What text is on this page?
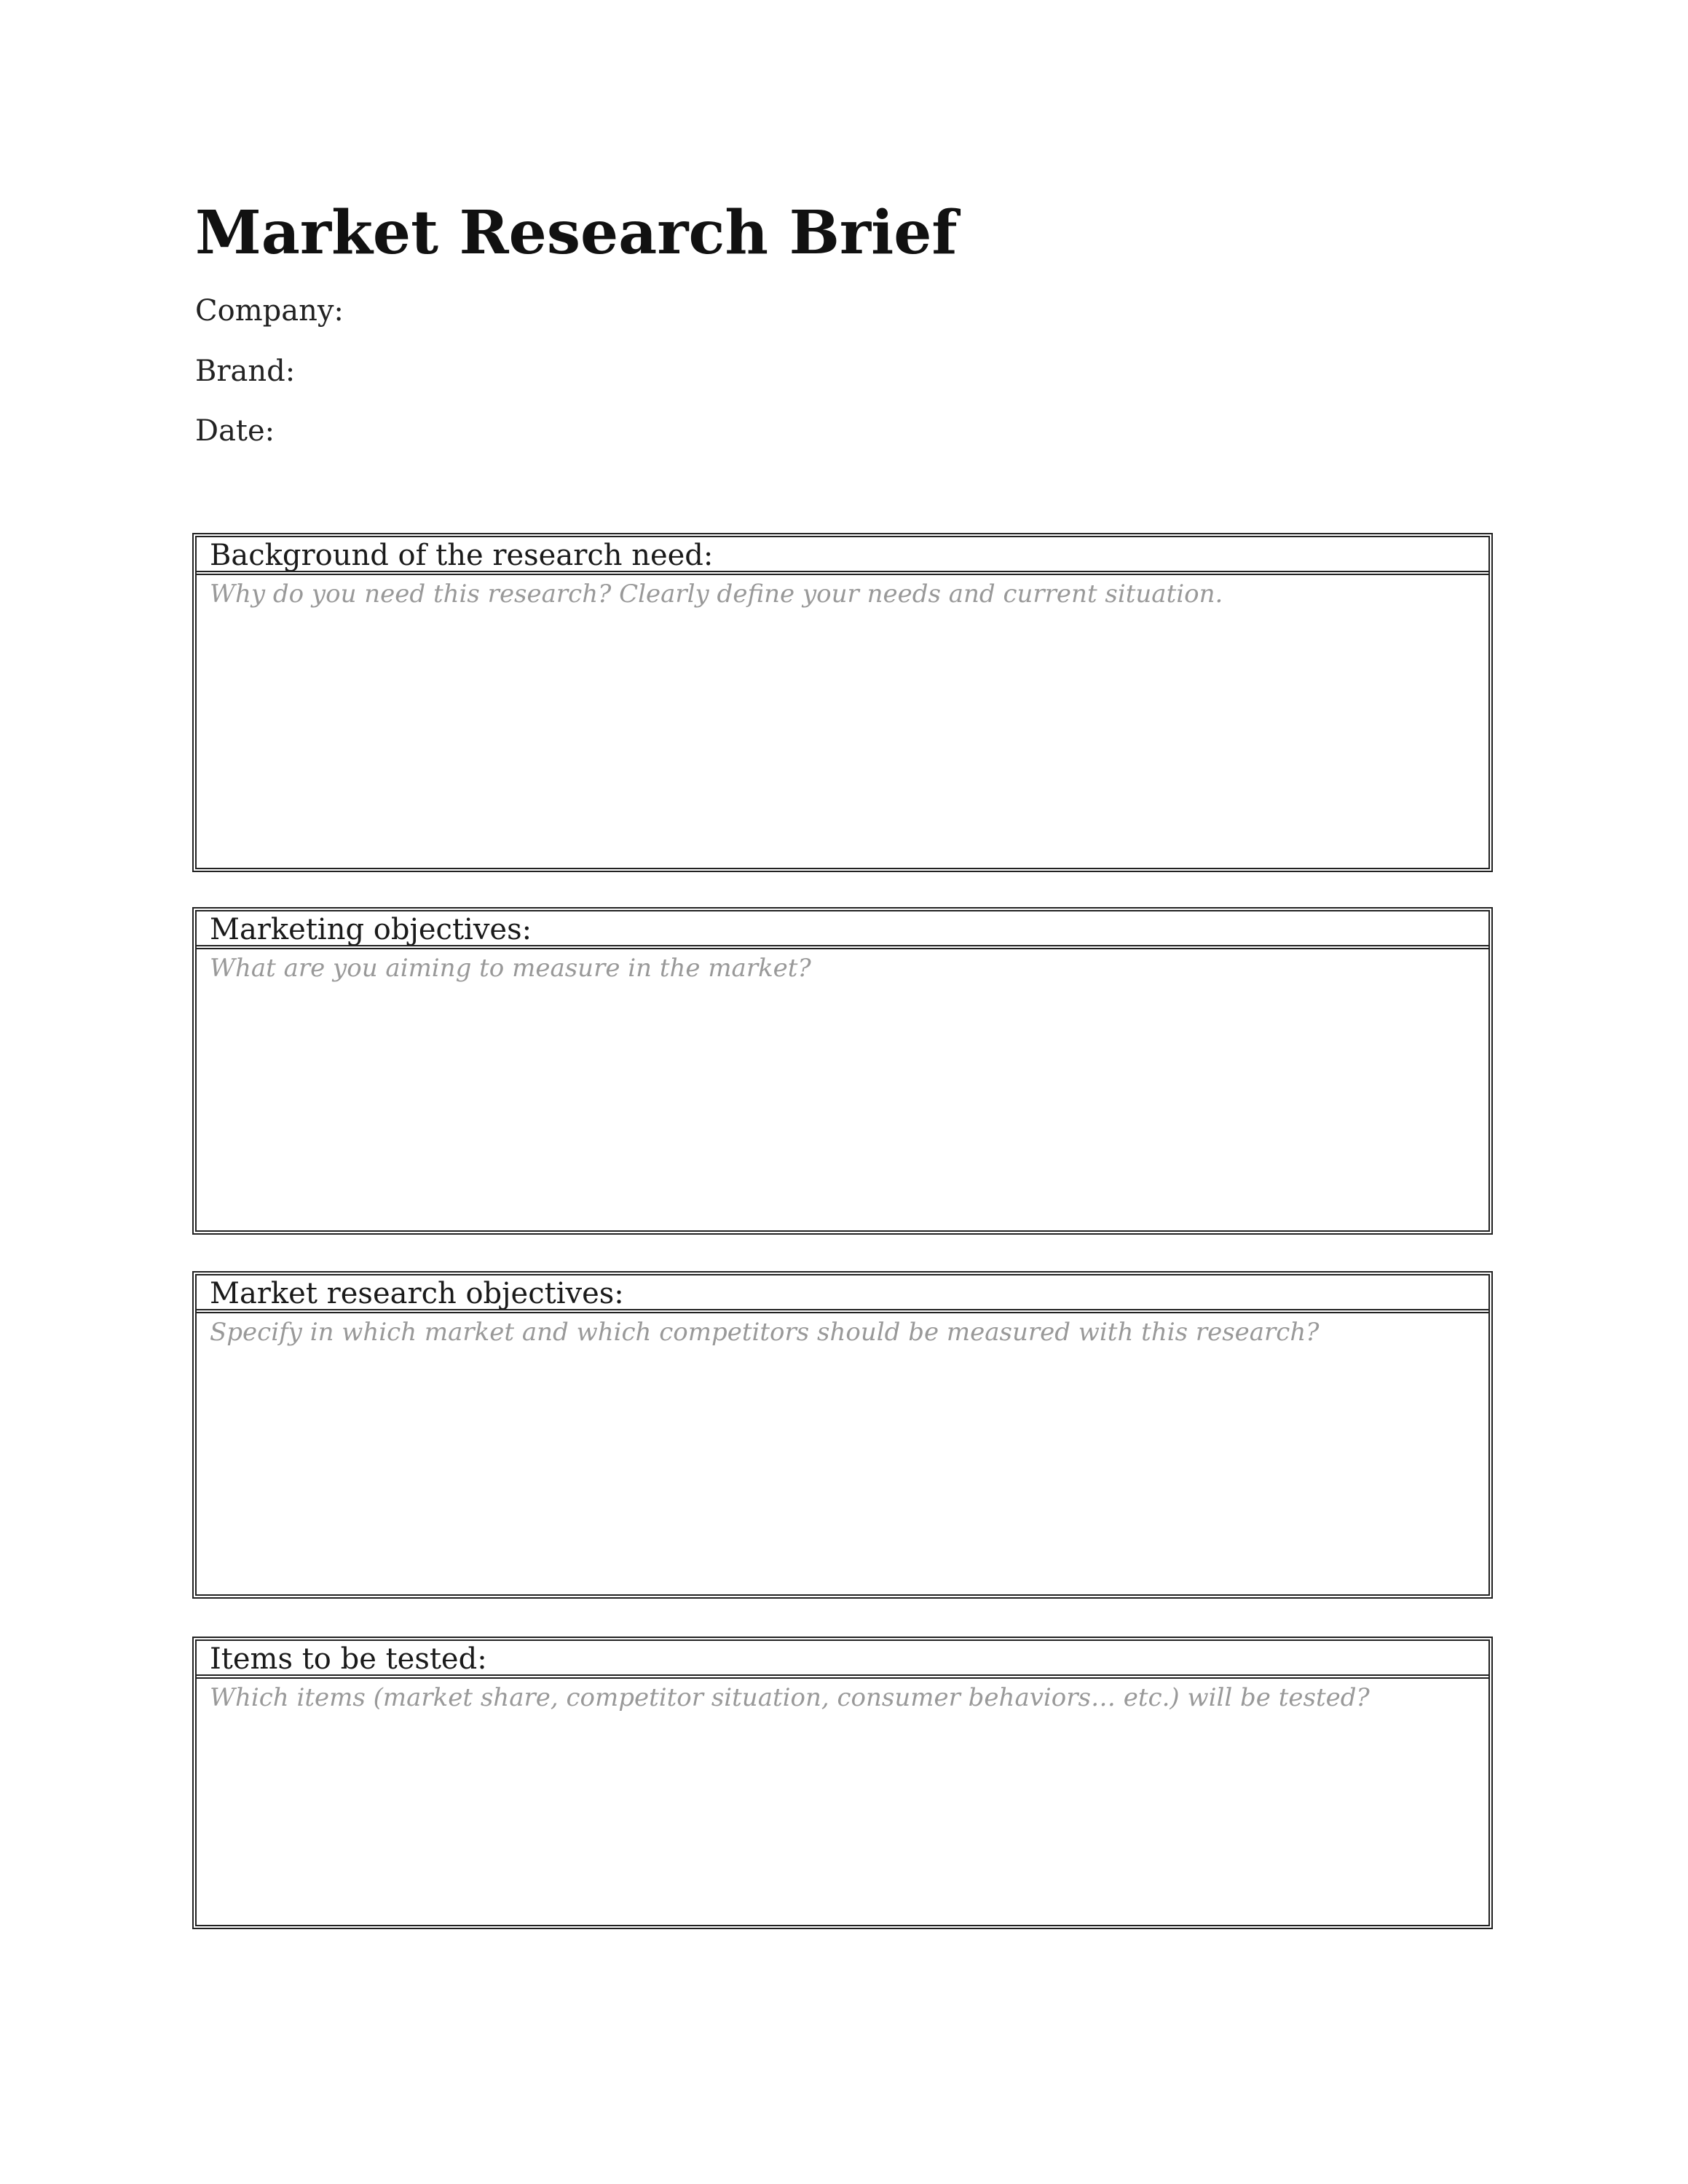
Market Research Brief
Company:
Brand:
Date:
Background of the research need:
Why do you need this research? Clearly define your needs and current situation.
Marketing objectives:
What are you aiming to measure in the market?
Market research objectives:
Specify in which market and which competitors should be measured with this research?
Items to be tested:
Which items (market share, competitor situation, consumer behaviors… etc.) will be tested?
